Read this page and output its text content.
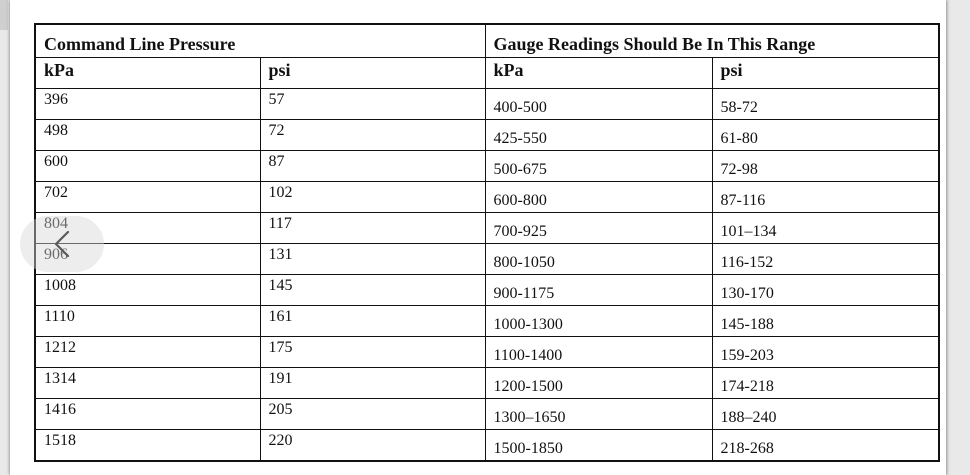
Command Line Pressure		Gauge Readings Should Be In This Range	
kPa	psi	kPa	psi
396	57	400-500	58-72
498	72	425-550	61-80
600	87	500-675	72-98
702	102	600-800	87-116
804	117	700-925	101–134
906	131	800-1050	116-152
1008	145	900-1175	130-170
1110	161	1000-1300	145-188
1212	175	1100-1400	159-203
1314	191	1200-1500	174-218
1416	205	1300–1650	188–240
1518	220	1500-1850	218-268
